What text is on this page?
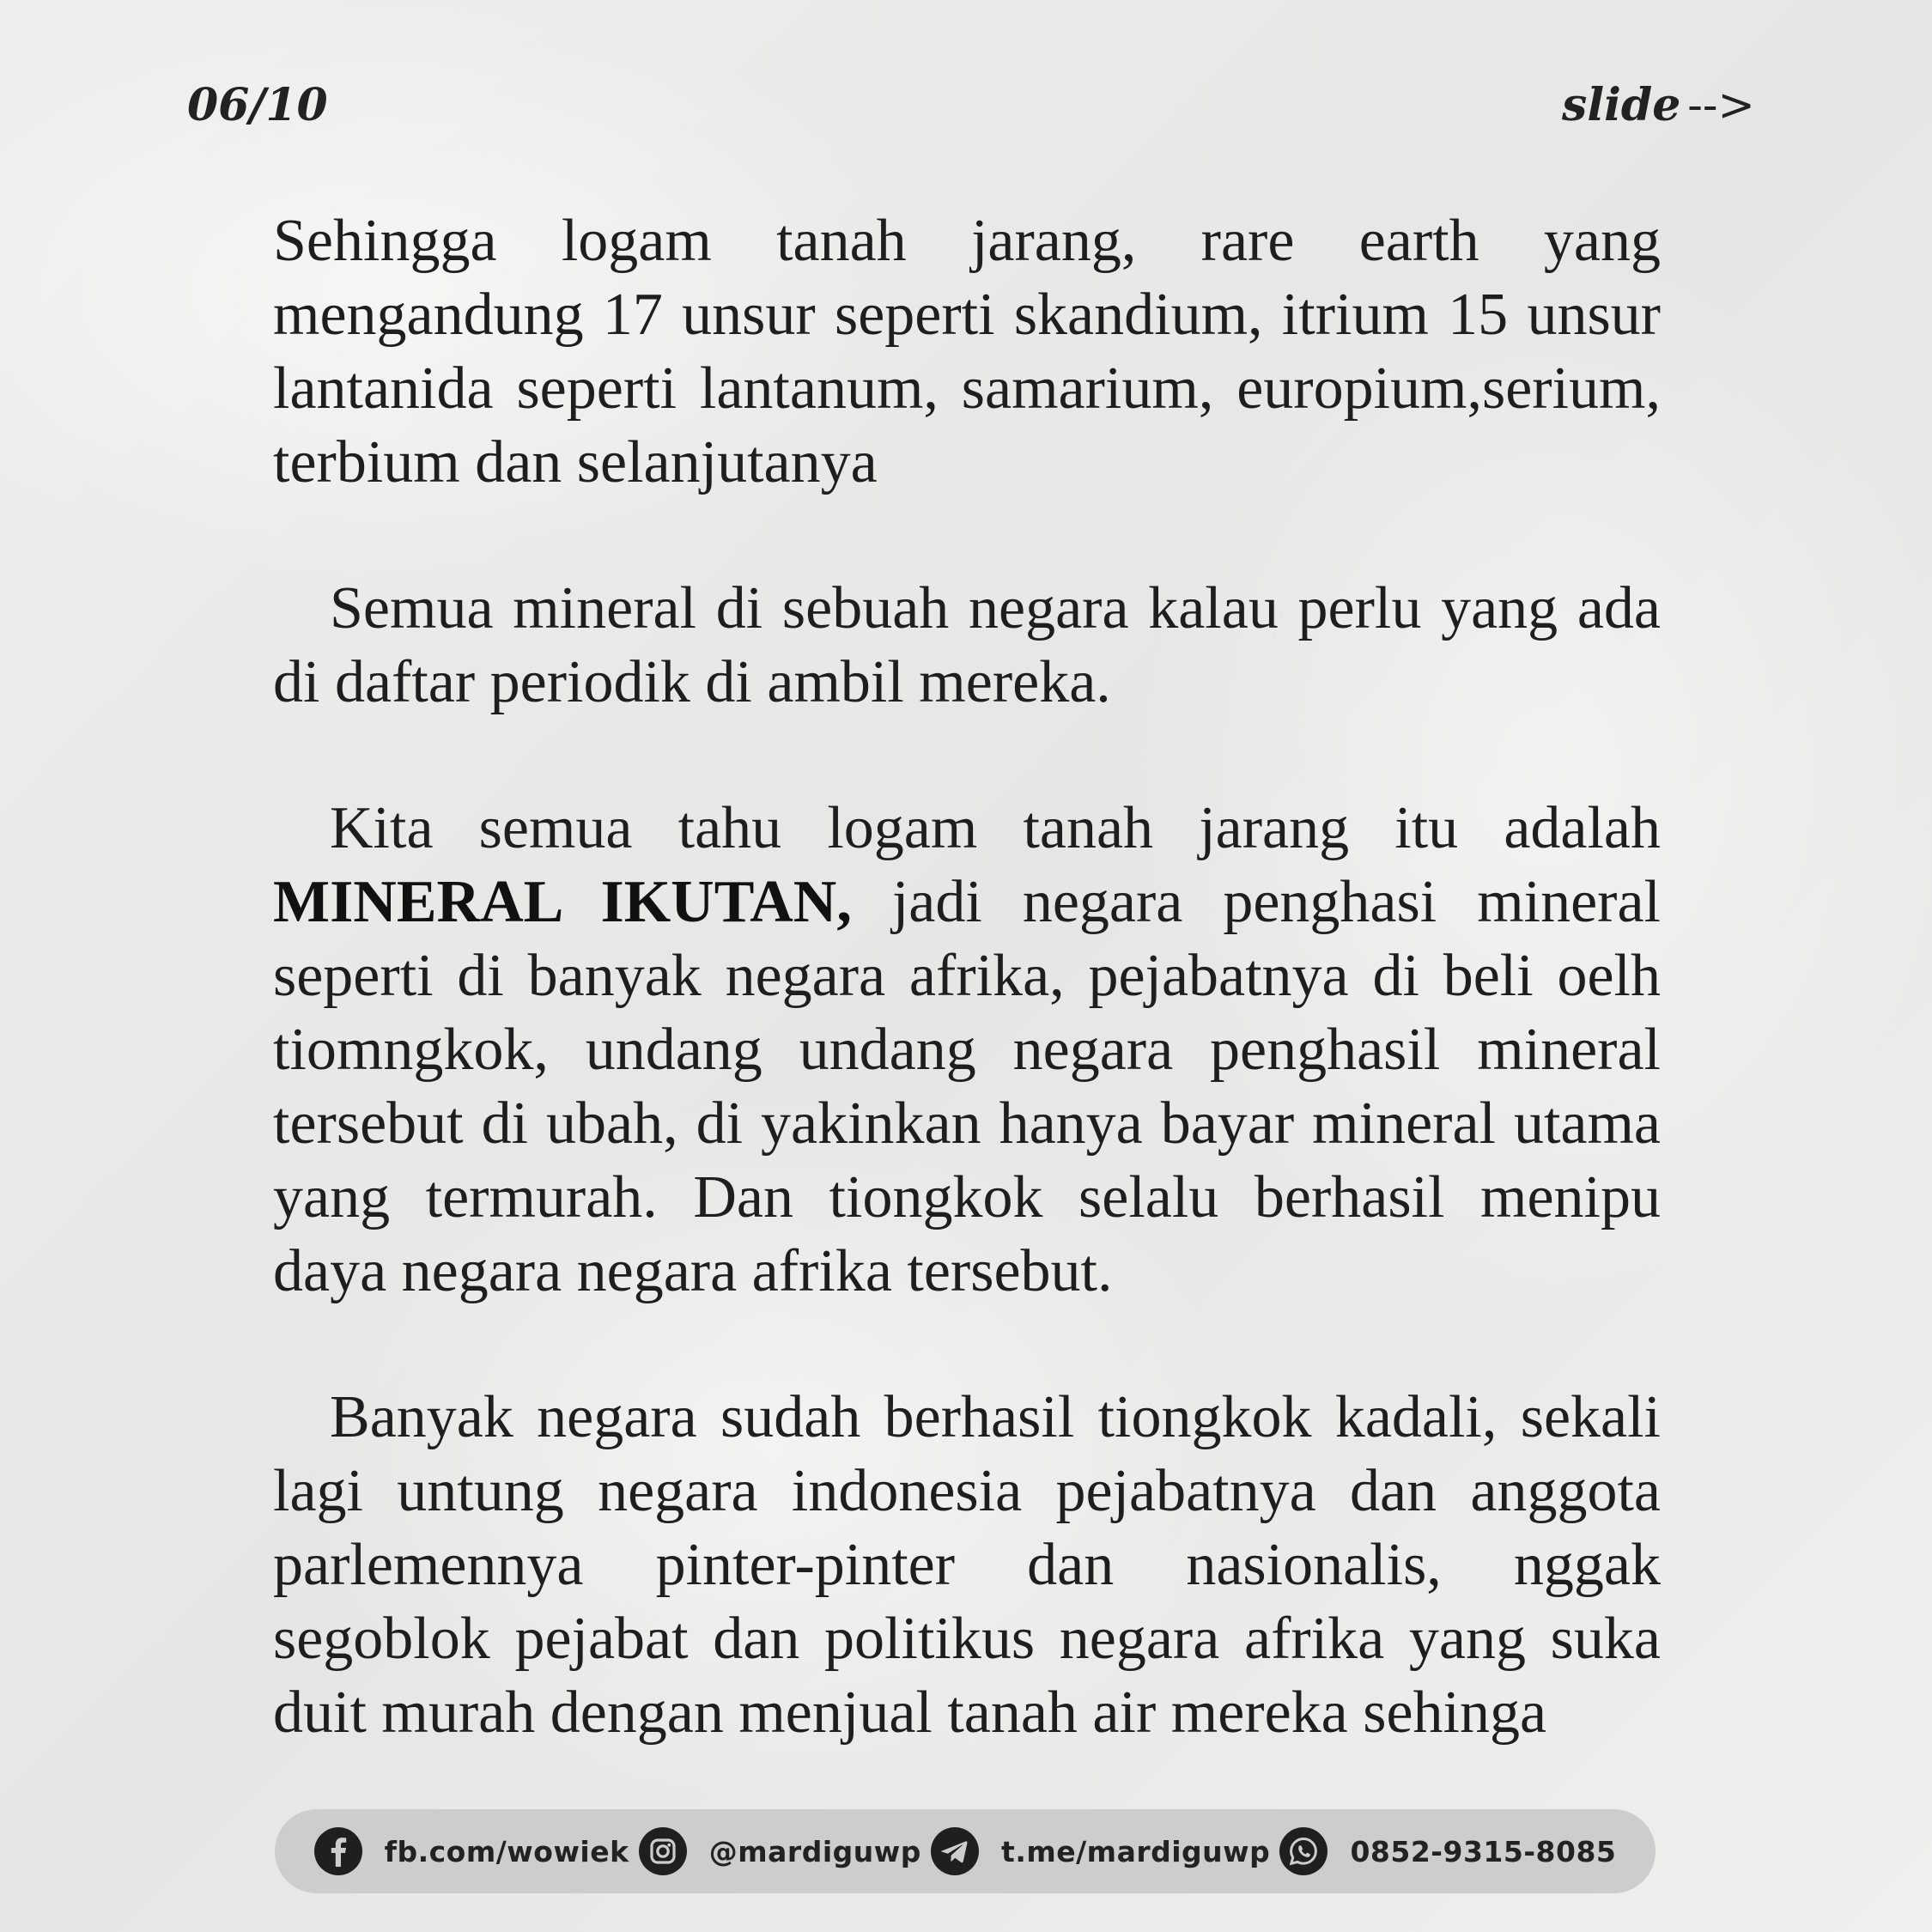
06/10	slide -->

Sehingga logam tanah jarang, rare earth yang mengandung 17 unsur seperti skandium, itrium 15 unsur lantanida seperti lantanum, samarium, europium,serium, terbium dan selanjutanya

Semua mineral di sebuah negara kalau perlu yang ada di daftar periodik di ambil mereka.

Kita semua tahu logam tanah jarang itu adalah MINERAL IKUTAN, jadi negara penghasi mineral seperti di banyak negara afrika, pejabatnya di beli oelh tiomngkok, undang undang negara penghasil mineral tersebut di ubah, di yakinkan hanya bayar mineral utama yang termurah. Dan tiongkok selalu berhasil menipu daya negara negara afrika tersebut.

Banyak negara sudah berhasil tiongkok kadali, sekali lagi untung negara indonesia pejabatnya dan anggota parlemennya pinter-pinter dan nasionalis, nggak segoblok pejabat dan politikus negara afrika yang suka duit murah dengan menjual tanah air mereka sehinga

fb.com/wowiek	@mardiguwp	t.me/mardiguwp	0852-9315-8085
